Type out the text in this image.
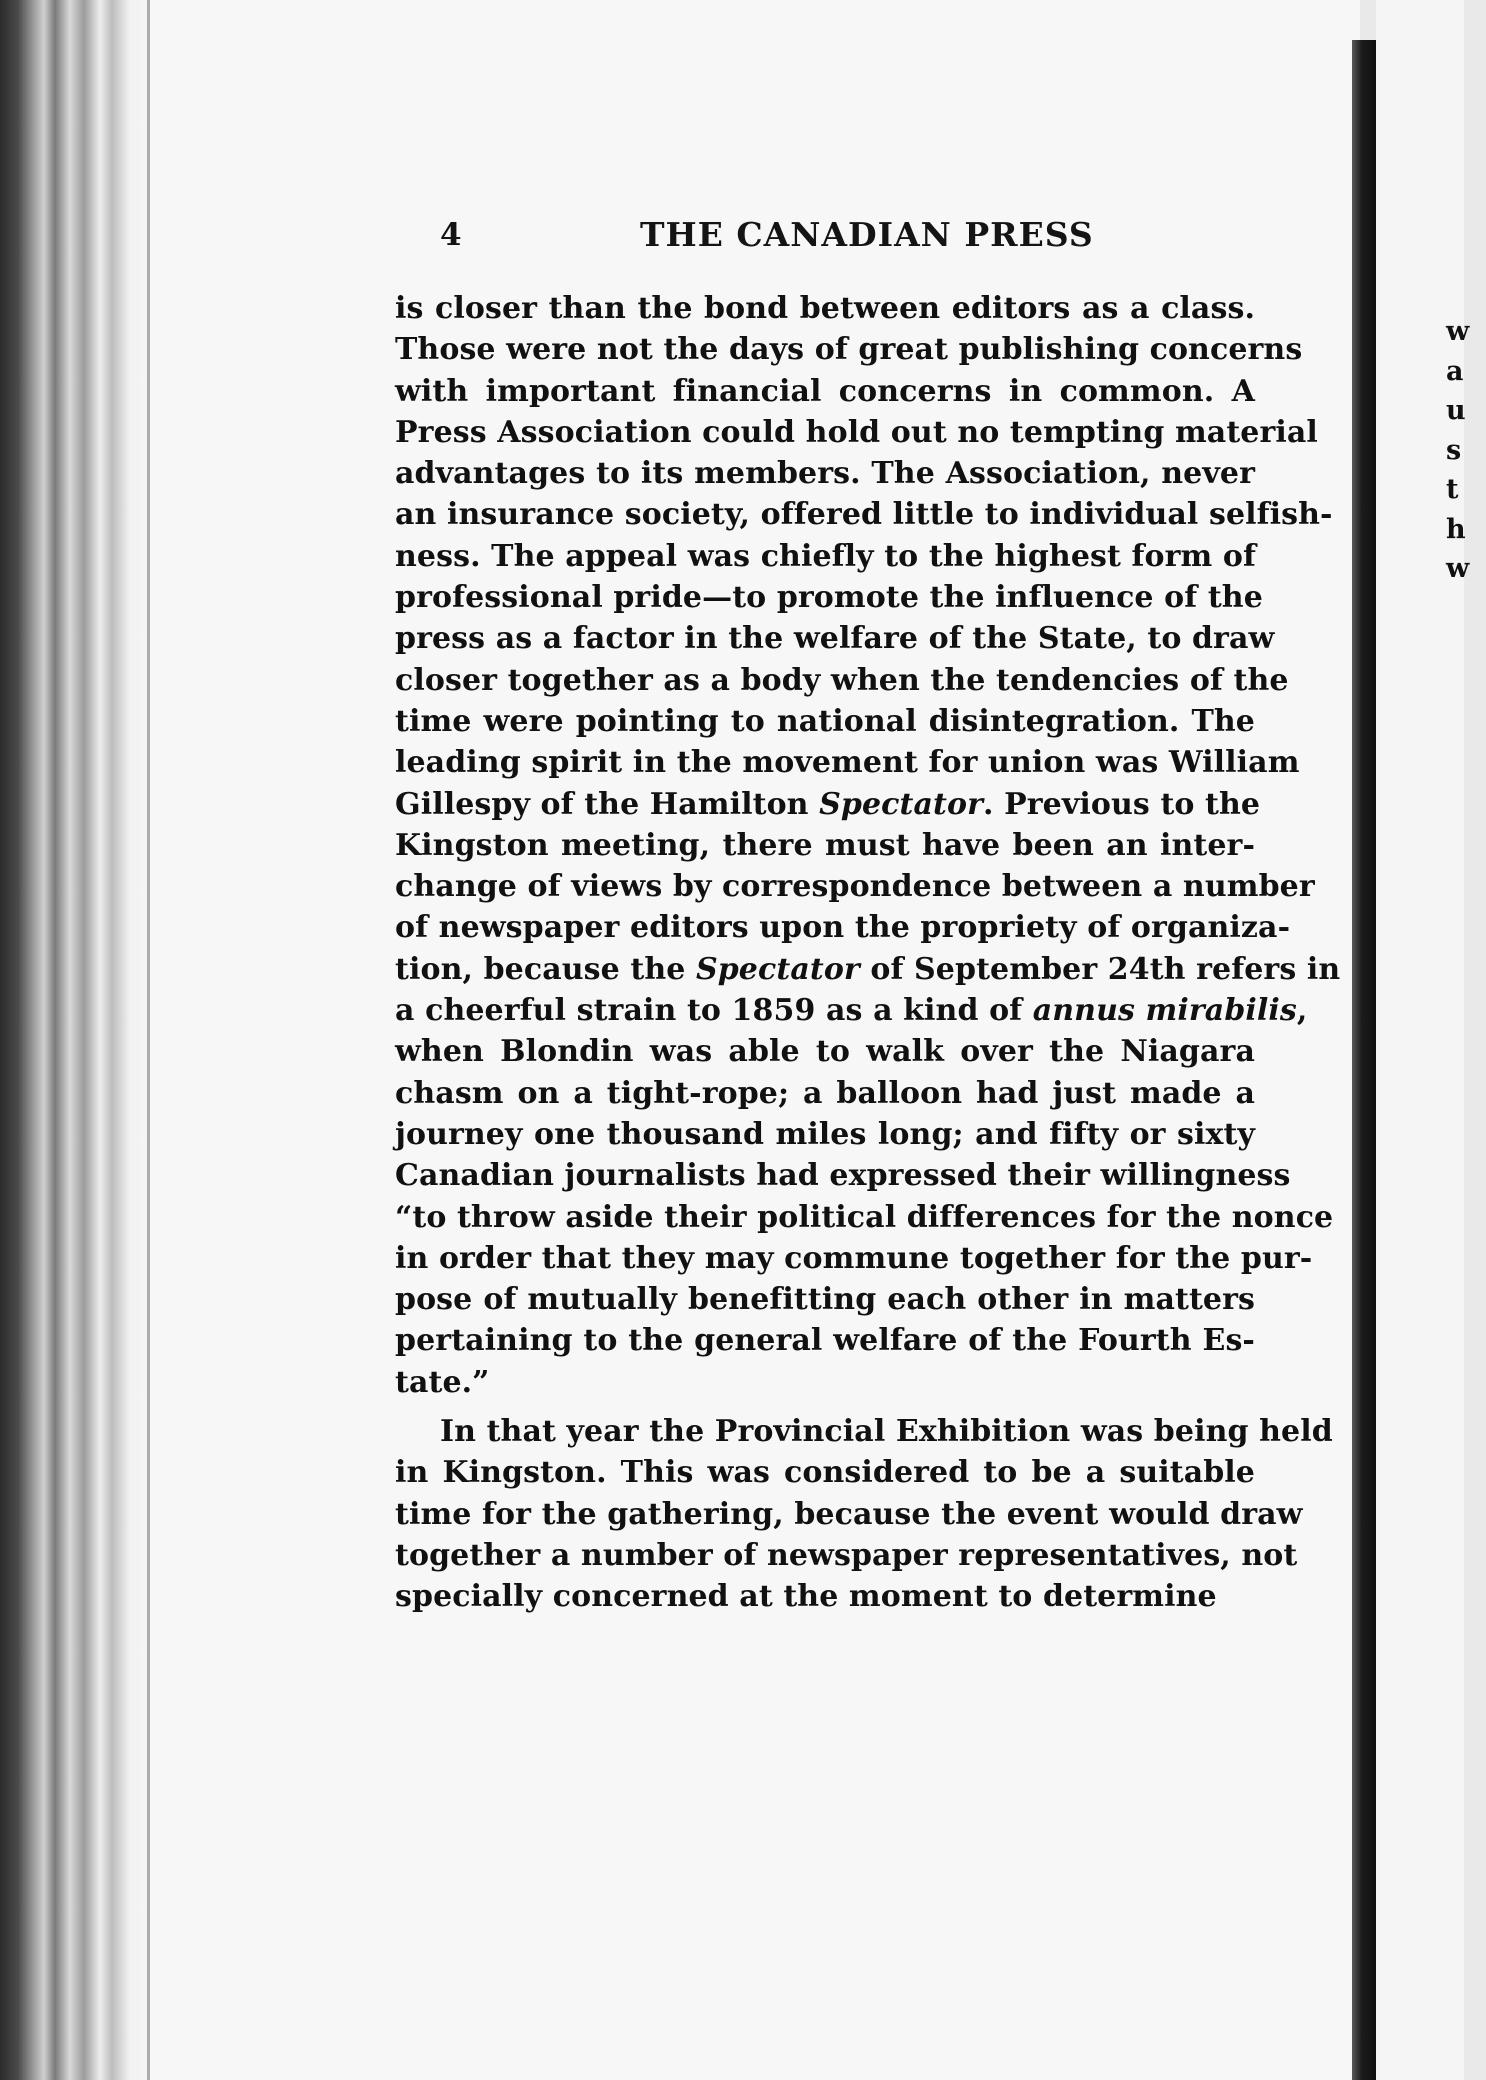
4	THE CANADIAN PRESS
is closer than the bond between editors as a class.
Those were not the days of great publishing concerns
with important financial concerns in common. A
Press Association could hold out no tempting material
advantages to its members. The Association, never
an insurance society, offered little to individual selfish-
ness. The appeal was chiefly to the highest form of
professional pride—to promote the influence of the
press as a factor in the welfare of the State, to draw
closer together as a body when the tendencies of the
time were pointing to national disintegration. The
leading spirit in the movement for union was William
Gillespy of the Hamilton Spectator. Previous to the
Kingston meeting, there must have been an inter-
change of views by correspondence between a number
of newspaper editors upon the propriety of organiza-
tion, because the Spectator of September 24th refers in
a cheerful strain to 1859 as a kind of annus mirabilis,
when Blondin was able to walk over the Niagara
chasm on a tight-rope; a balloon had just made a
journey one thousand miles long; and fifty or sixty
Canadian journalists had expressed their willingness
“to throw aside their political differences for the nonce
in order that they may commune together for the pur-
pose of mutually benefitting each other in matters
pertaining to the general welfare of the Fourth Es-
tate.”
In that year the Provincial Exhibition was being held
in Kingston. This was considered to be a suitable
time for the gathering, because the event would draw
together a number of newspaper representatives, not
specially concerned at the moment to determine
w
a
u
s
t
h
w
